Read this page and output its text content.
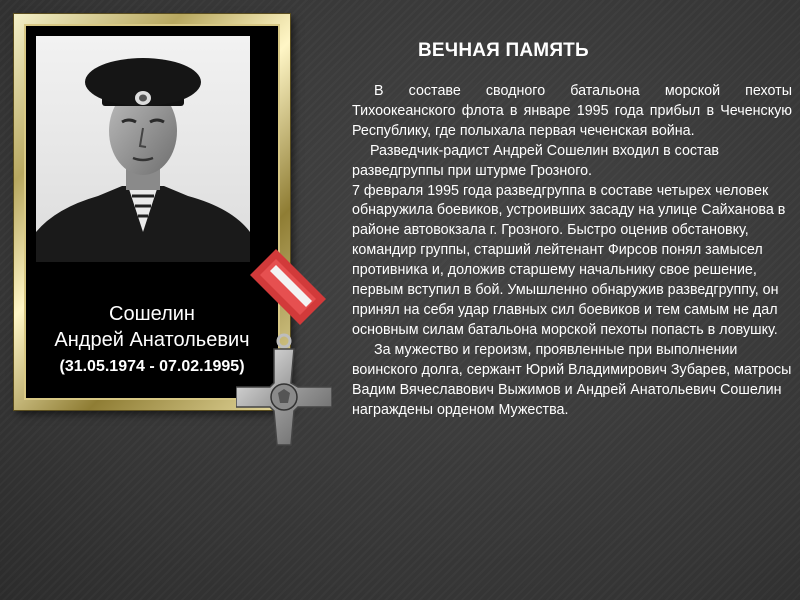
Сошелин
Андрей Анатольевич
(31.05.1974 - 07.02.1995)
ВЕЧНАЯ ПАМЯТЬ

В составе сводного батальона морской пехоты Тихоокеанского флота в январе 1995 года прибыл в Чеченскую Республику, где полыхала первая чеченская война.

Разведчик-радист Андрей Сошелин входил в состав разведгруппы при штурме Грозного.

7 февраля 1995 года разведгруппа в составе четырех человек обнаружила боевиков, устроивших засаду на улице Сайханова в районе автовокзала г. Грозного. Быстро оценив обстановку, командир группы, старший лейтенант Фирсов понял замысел противника и, доложив старшему начальнику свое решение, первым вступил в бой. Умышленно обнаружив разведгруппу, он принял на себя удар главных сил боевиков и тем самым не дал основным силам батальона морской пехоты попасть в ловушку.

За мужество и героизм, проявленные при выполнении воинского долга, сержант Юрий Владимирович Зубарев, матросы Вадим Вячеславович Выжимов и Андрей Анатольевич Сошелин награждены орденом Мужества.
